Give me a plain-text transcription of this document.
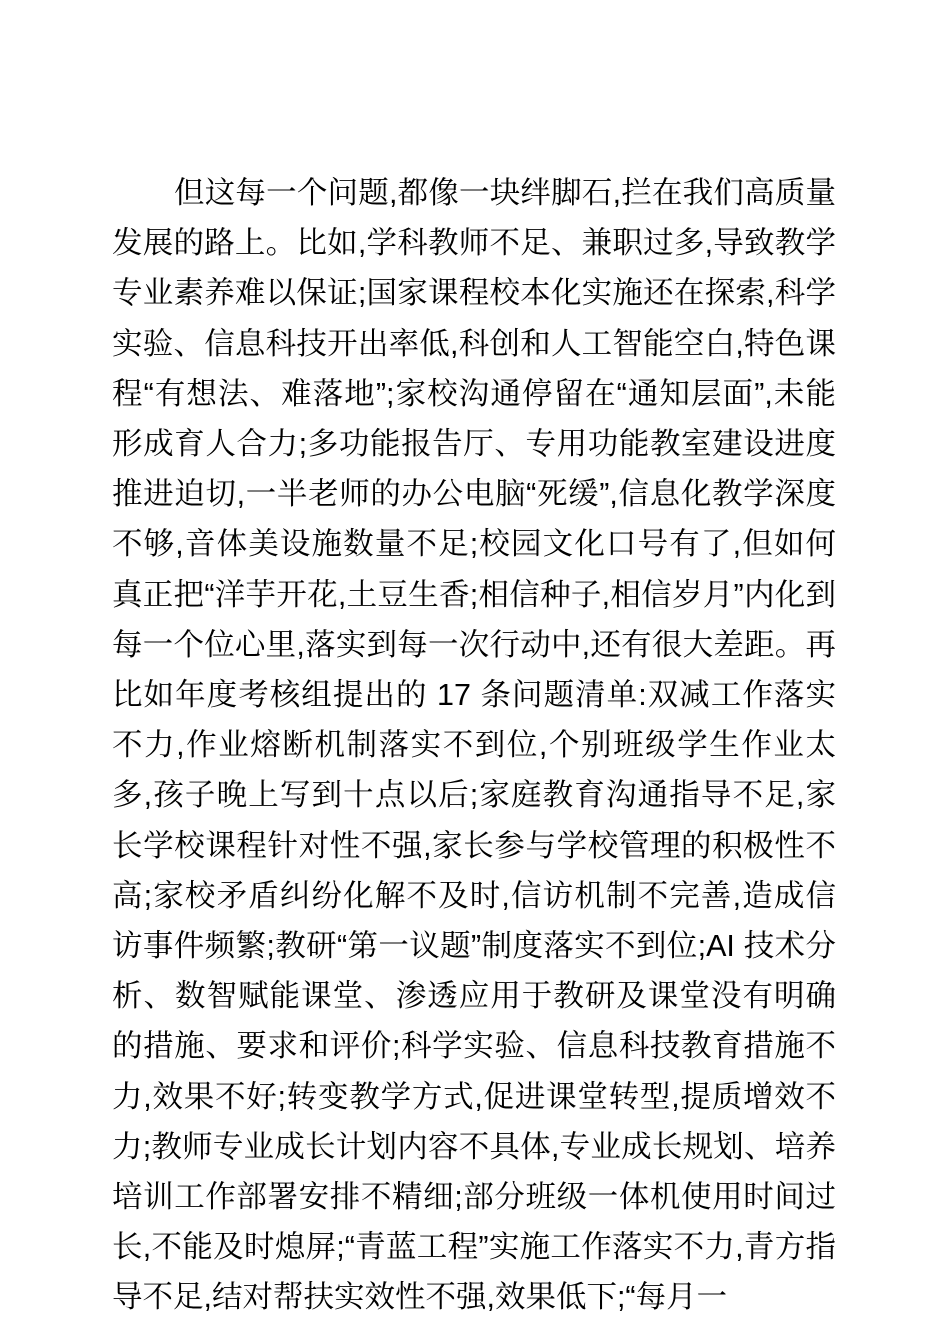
但这每一个问题,都像一块绊脚石,拦在我们高质量发展的路上。比如,学科教师不足、兼职过多,导致教学专业素养难以保证;国家课程校本化实施还在探索,科学实验、信息科技开出率低,科创和人工智能空白,特色课程“有想法、难落地”;家校沟通停留在“通知层面”,未能形成育人合力;多功能报告厅、专用功能教室建设进度推进迫切,一半老师的办公电脑“死缓”,信息化教学深度不够,音体美设施数量不足;校园文化口号有了,但如何真正把“洋芋开花,土豆生香;相信种子,相信岁月”内化到每一个位心里,落实到每一次行动中,还有很大差距。再比如年度考核组提出的 17 条问题清单:双减工作落实不力,作业熔断机制落实不到位,个别班级学生作业太多,孩子晚上写到十点以后;家庭教育沟通指导不足,家长学校课程针对性不强,家长参与学校管理的积极性不高;家校矛盾纠纷化解不及时,信访机制不完善,造成信访事件频繁;教研“第一议题”制度落实不到位;AI 技术分析、数智赋能课堂、渗透应用于教研及课堂没有明确的措施、要求和评价;科学实验、信息科技教育措施不力,效果不好;转变教学方式,促进课堂转型,提质增效不力;教师专业成长计划内容不具体,专业成长规划、培养培训工作部署安排不精细;部分班级一体机使用时间过长,不能及时熄屏;“青蓝工程”实施工作落实不力,青方指导不足,结对帮扶实效性不强,效果低下;“每月一
